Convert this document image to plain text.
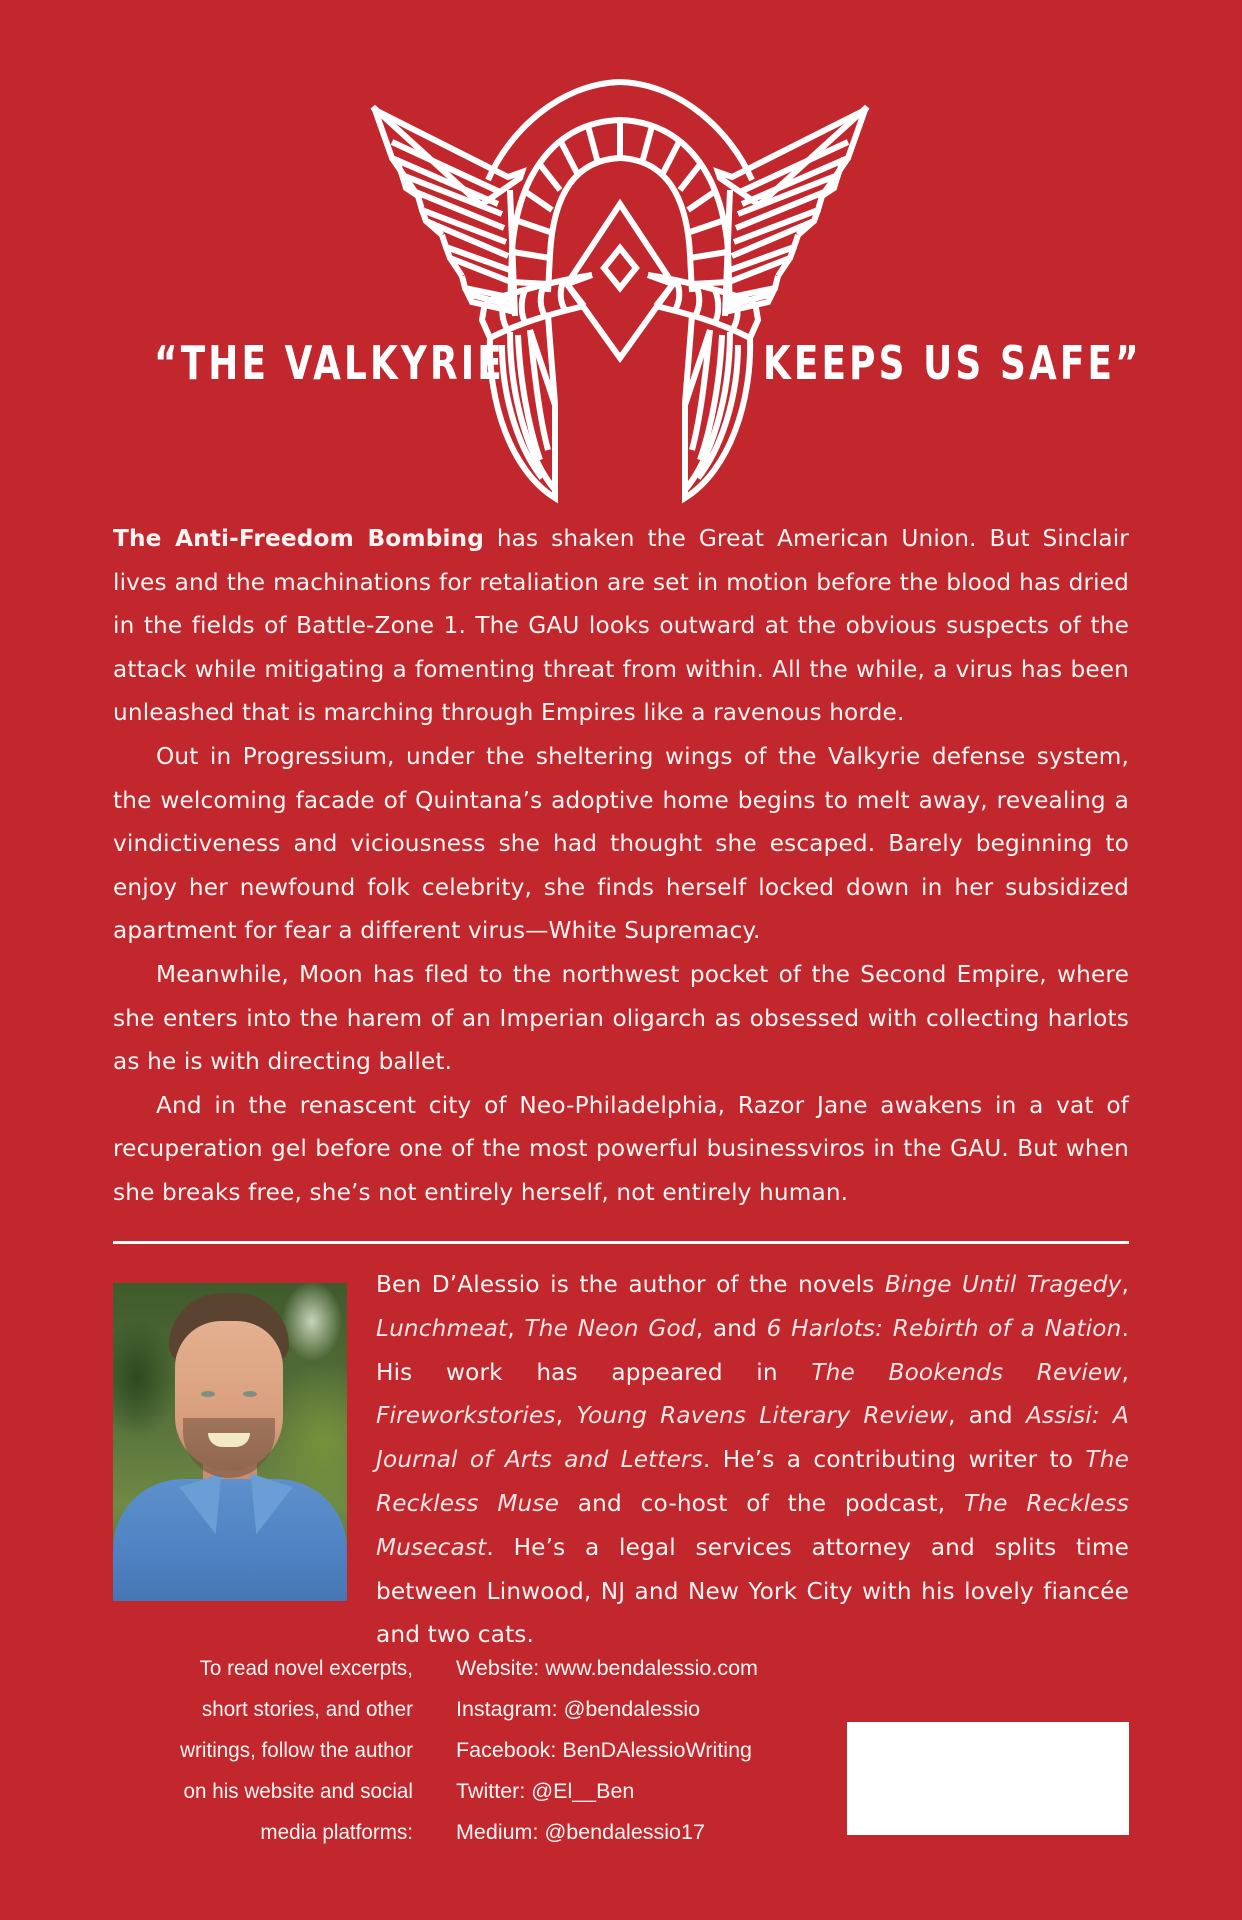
“THE VALKYRIE	KEEPS US SAFE”

The Anti-Freedom Bombing has shaken the Great American Union. But Sinclair lives and the machinations for retaliation are set in motion before the blood has dried in the fields of Battle-Zone 1. The GAU looks outward at the obvious suspects of the attack while mitigating a fomenting threat from within. All the while, a virus has been unleashed that is marching through Empires like a ravenous horde.

Out in Progressium, under the sheltering wings of the Valkyrie defense system, the welcoming facade of Quintana’s adoptive home begins to melt away, revealing a vindictiveness and viciousness she had thought she escaped. Barely beginning to enjoy her newfound folk celebrity, she finds herself locked down in her subsidized apartment for fear a different virus—White Supremacy.

Meanwhile, Moon has fled to the northwest pocket of the Second Empire, where she enters into the harem of an Imperian oligarch as obsessed with collecting harlots as he is with directing ballet.

And in the renascent city of Neo-Philadelphia, Razor Jane awakens in a vat of recuperation gel before one of the most powerful businessviros in the GAU. But when she breaks free, she’s not entirely herself, not entirely human.

Ben D’Alessio is the author of the novels Binge Until Tragedy, Lunchmeat, The Neon God, and 6 Harlots: Rebirth of a Nation. His work has appeared in The Bookends Review, Fireworkstories, Young Ravens Literary Review, and Assisi: A Journal of Arts and Letters. He’s a contributing writer to The Reckless Muse and co-host of the podcast, The Reckless Musecast. He’s a legal services attorney and splits time between Linwood, NJ and New York City with his lovely fiancée and two cats.
To read novel excerpts,
short stories, and other
writings, follow the author
on his website and social
media platforms:
Website: www.bendalessio.com
Instagram: @bendalessio
Facebook: BenDAlessioWriting
Twitter: @El__Ben
Medium: @bendalessio17
